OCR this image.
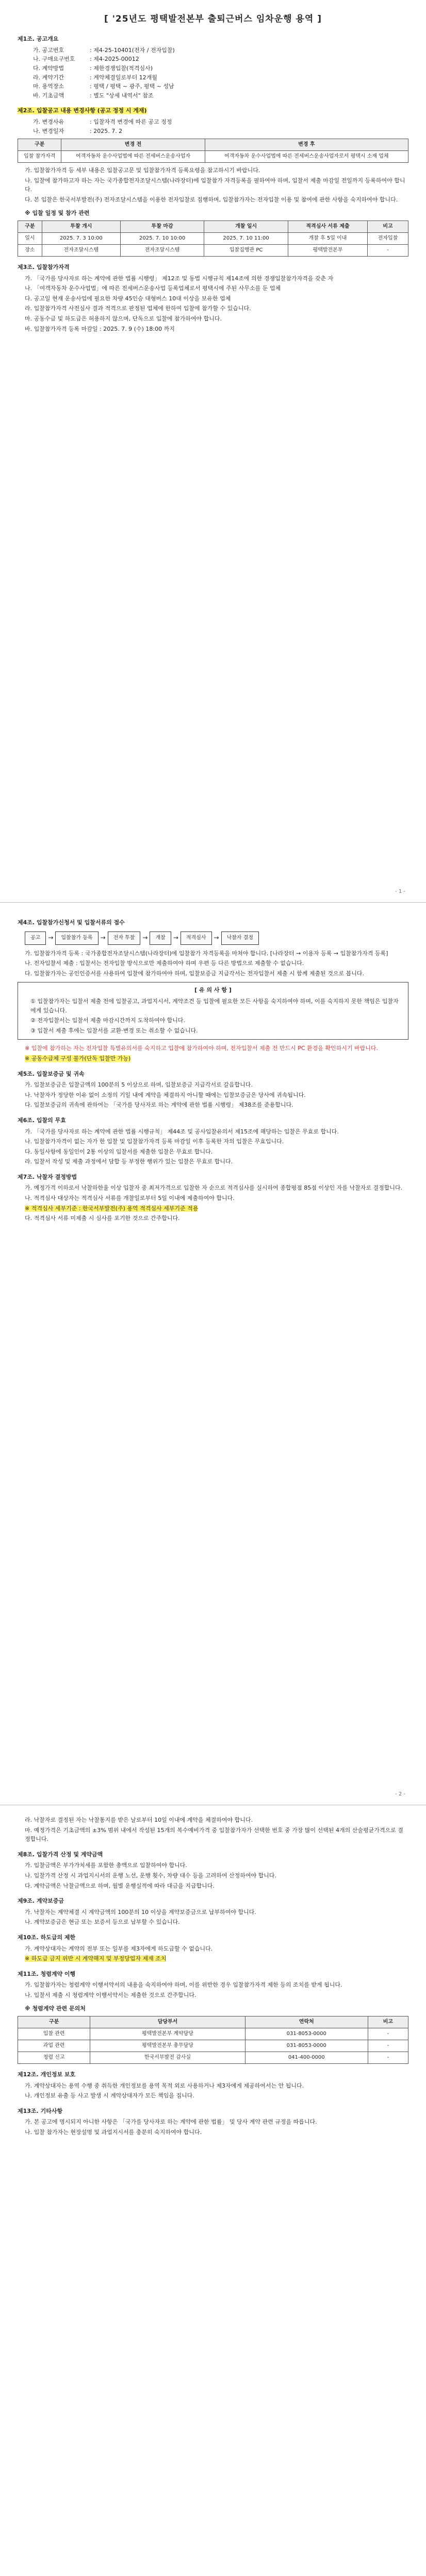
[ '25년도 평택발전본부 출퇴근버스 임차운행 용역 ]
제1조. 공고개요
가. 공고번호	: 제4-25-10401(전자 / 전자입찰)
나. 구매요구번호	: 제4-2025-00012
다. 계약방법	: 제한경쟁입찰(적격심사)
라. 계약기간	: 계약체결일로부터 12개월
마. 용역장소	: 평택 / 평택 ~ 광주, 평택 ~ 성남
바. 기초금액	: 별도 "상세 내역서" 참조
제2조. 입찰공고 내용 변경사항 (공고 정정 시 게재)
가. 변경사유	: 입찰자격 변경에 따른 공고 정정
나. 변경일자	: 2025. 7. 2
구분	변경 전	변경 후
입찰 참가자격	여객자동차 운수사업법에 따른 전세버스운송사업자	여객자동차 운수사업법에 따른 전세버스운송사업자로서 평택시 소재 업체
가. 입찰참가자격 등 세부 내용은 입찰공고문 및 입찰참가자격 등록요령을 참고하시기 바랍니다.
나. 입찰에 참가하고자 하는 자는 국가종합전자조달시스템(나라장터)에 입찰참가 자격등록을 필하여야 하며, 입찰서 제출 마감일 전일까지 등록하여야 합니다.
다. 본 입찰은 한국서부발전(주) 전자조달시스템을 이용한 전자입찰로 집행하며, 입찰참가자는 전자입찰 이용 및 참여에 관한 사항을 숙지하여야 합니다.
※ 입찰 일정 및 참가 관련
구분	투찰 개시	투찰 마감	개찰 일시	적격심사 서류 제출	비고
일시	2025. 7. 3 10:00	2025. 7. 10 10:00	2025. 7. 10 11:00	개찰 후 5일 이내	전자입찰
장소	전자조달시스템	전자조달시스템	입찰집행관 PC	평택발전본부	-
제3조. 입찰참가자격
가. 「국가를 당사자로 하는 계약에 관한 법률 시행령」 제12조 및 동법 시행규칙 제14조에 의한 경쟁입찰참가자격을 갖춘 자
나. 「여객자동차 운수사업법」에 따른 전세버스운송사업 등록업체로서 평택시에 주된 사무소를 둔 업체
다. 공고일 현재 운송사업에 필요한 차량 45인승 대형버스 10대 이상을 보유한 업체
라. 입찰참가자격 사전심사 결과 적격으로 판정된 업체에 한하여 입찰에 참가할 수 있습니다.
마. 공동수급 및 하도급은 허용하지 않으며, 단독으로 입찰에 참가하여야 합니다.
바. 입찰참가자격 등록 마감일 : 2025. 7. 9 (수) 18:00 까지
- 1 -
제4조. 입찰참가신청서 및 입찰서류의 접수
공고	→	입찰참가 등록	→	전자 투찰	→	개찰	→	적격심사	→	낙찰자 결정
가. 입찰참가자격 등록 : 국가종합전자조달시스템(나라장터)에 입찰참가 자격등록을 마쳐야 합니다. [나라장터 → 이용자 등록 → 입찰참가자격 등록]
나. 전자입찰서 제출 : 입찰서는 전자입찰 방식으로만 제출하여야 하며 우편 등 다른 방법으로 제출할 수 없습니다.
다. 입찰참가자는 공인인증서를 사용하여 입찰에 참가하여야 하며, 입찰보증금 지급각서는 전자입찰서 제출 시 함께 제출된 것으로 봅니다.
[ 유 의 사 항 ]
① 입찰참가자는 입찰서 제출 전에 입찰공고, 과업지시서, 계약조건 등 입찰에 필요한 모든 사항을 숙지하여야 하며, 이를 숙지하지 못한 책임은 입찰자에게 있습니다.
② 전자입찰서는 입찰서 제출 마감시간까지 도착하여야 합니다.
③ 입찰서 제출 후에는 입찰서를 교환·변경 또는 취소할 수 없습니다.
※ 입찰에 참가하는 자는 전자입찰 특별유의서를 숙지하고 입찰에 참가하여야 하며, 전자입찰서 제출 전 반드시 PC 환경을 확인하시기 바랍니다.
※ 공동수급체 구성 불가(단독 입찰만 가능)
제5조. 입찰보증금 및 귀속
가. 입찰보증금은 입찰금액의 100분의 5 이상으로 하며, 입찰보증금 지급각서로 갈음합니다.
나. 낙찰자가 정당한 이유 없이 소정의 기일 내에 계약을 체결하지 아니할 때에는 입찰보증금은 당사에 귀속됩니다.
다. 입찰보증금의 귀속에 관하여는 「국가를 당사자로 하는 계약에 관한 법률 시행령」 제38조를 준용합니다.
제6조. 입찰의 무효
가. 「국가를 당사자로 하는 계약에 관한 법률 시행규칙」 제44조 및 공사입찰유의서 제15조에 해당하는 입찰은 무효로 합니다.
나. 입찰참가자격이 없는 자가 한 입찰 및 입찰참가자격 등록 마감일 이후 등록한 자의 입찰은 무효입니다.
다. 동일사항에 동일인이 2통 이상의 입찰서를 제출한 입찰은 무효로 합니다.
라. 입찰서 작성 및 제출 과정에서 담합 등 부정한 행위가 있는 입찰은 무효로 합니다.
제7조. 낙찰자 결정방법
가. 예정가격 이하로서 낙찰하한율 이상 입찰자 중 최저가격으로 입찰한 자 순으로 적격심사를 실시하여 종합평점 85점 이상인 자를 낙찰자로 결정합니다.
나. 적격심사 대상자는 적격심사 서류를 개찰일로부터 5일 이내에 제출하여야 합니다.
※ 적격심사 세부기준 : 한국서부발전(주) 용역 적격심사 세부기준 적용
다. 적격심사 서류 미제출 시 심사를 포기한 것으로 간주합니다.
- 2 -
라. 낙찰자로 결정된 자는 낙찰통지를 받은 날로부터 10일 이내에 계약을 체결하여야 합니다.
마. 예정가격은 기초금액의 ±3% 범위 내에서 작성된 15개의 복수예비가격 중 입찰참가자가 선택한 번호 중 가장 많이 선택된 4개의 산술평균가격으로 결정합니다.
제8조. 입찰가격 산정 및 계약금액
가. 입찰금액은 부가가치세를 포함한 총액으로 입찰하여야 합니다.
나. 입찰가격 산정 시 과업지시서의 운행 노선, 운행 횟수, 차량 대수 등을 고려하여 산정하여야 합니다.
다. 계약금액은 낙찰금액으로 하며, 월별 운행실적에 따라 대금을 지급합니다.
제9조. 계약보증금
가. 낙찰자는 계약체결 시 계약금액의 100분의 10 이상을 계약보증금으로 납부하여야 합니다.
나. 계약보증금은 현금 또는 보증서 등으로 납부할 수 있습니다.
제10조. 하도급의 제한
가. 계약상대자는 계약의 전부 또는 일부를 제3자에게 하도급할 수 없습니다.
※ 하도급 금지 위반 시 계약해지 및 부정당업자 제재 조치
제11조. 청렴계약 이행
가. 입찰참가자는 청렴계약 이행서약서의 내용을 숙지하여야 하며, 이를 위반한 경우 입찰참가자격 제한 등의 조치를 받게 됩니다.
나. 입찰서 제출 시 청렴계약 이행서약서는 제출한 것으로 간주합니다.
※ 청렴계약 관련 문의처
구분	담당부서	연락처	비고
입찰 관련	평택발전본부 계약담당	031-8053-0000	-
과업 관련	평택발전본부 총무담당	031-8053-0000	-
청렴 신고	한국서부발전 감사실	041-400-0000	-
제12조. 개인정보 보호
가. 계약상대자는 용역 수행 중 취득한 개인정보를 용역 목적 외로 사용하거나 제3자에게 제공하여서는 안 됩니다.
나. 개인정보 유출 등 사고 발생 시 계약상대자가 모든 책임을 집니다.
제13조. 기타사항
가. 본 공고에 명시되지 아니한 사항은 「국가를 당사자로 하는 계약에 관한 법률」 및 당사 계약 관련 규정을 따릅니다.
나. 입찰 참가자는 현장설명 및 과업지시서를 충분히 숙지하여야 합니다.
